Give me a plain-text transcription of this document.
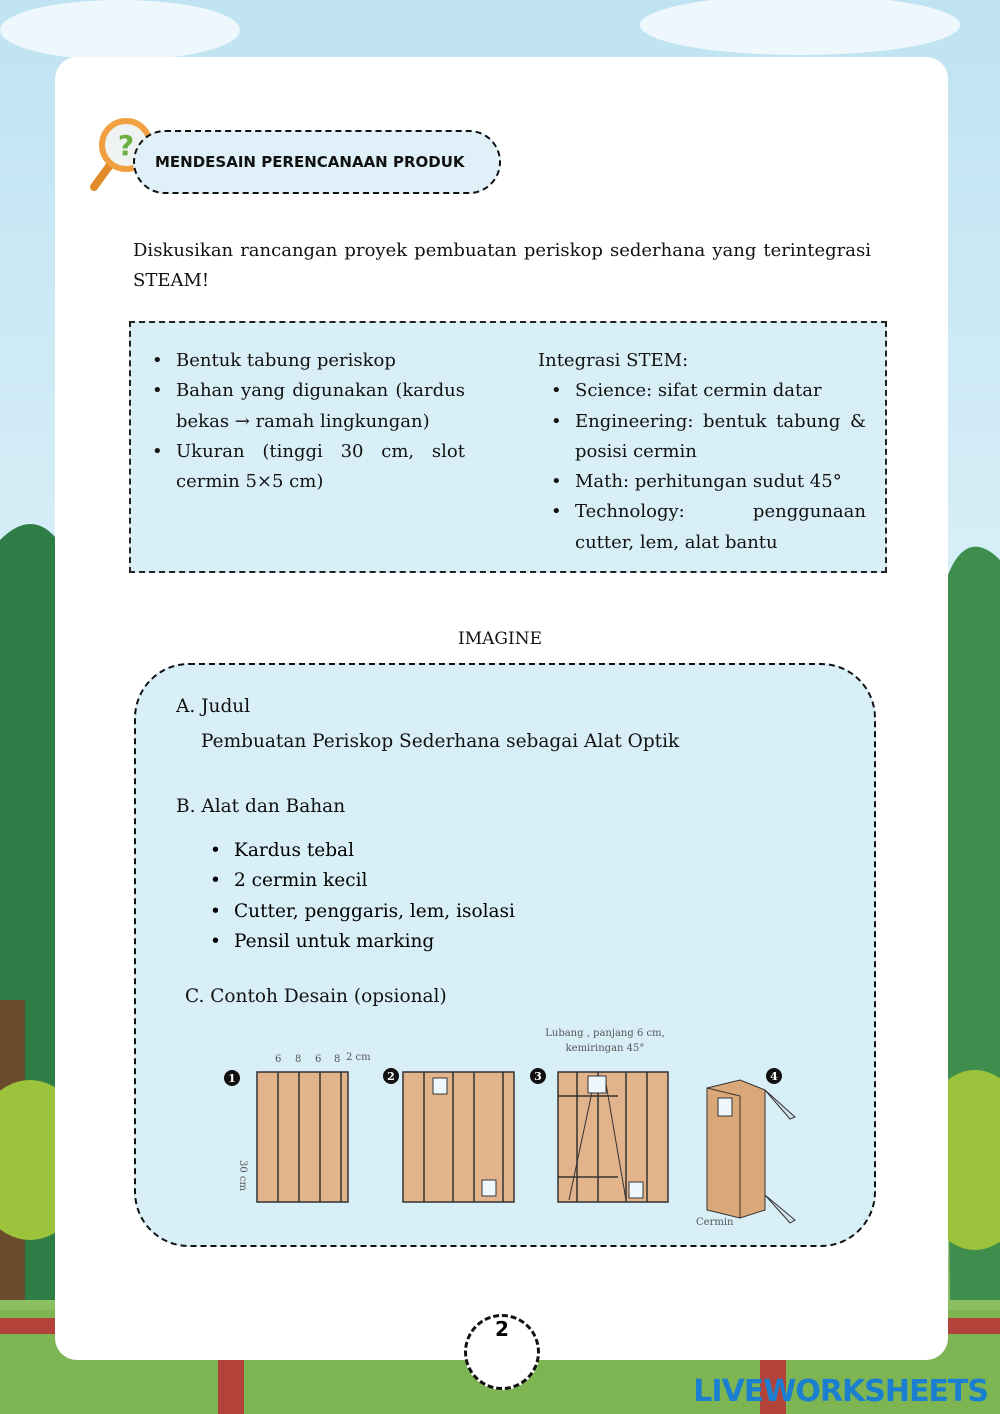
? MENDESAIN PERENCANAAN PRODUK

Diskusikan rancangan proyek pembuatan periskop sederhana yang terintegrasi STEAM!

• Bentuk tabung periskop
• Bahan yang digunakan (kardus bekas → ramah lingkungan)
• Ukuran (tinggi 30 cm, slot cermin 5×5 cm)
Integrasi STEM:
• Science: sifat cermin datar
• Engineering: bentuk tabung & posisi cermin
• Math: perhitungan sudut 45°
• Technology: penggunaan cutter, lem, alat bantu
IMAGINE
A. Judul
Pembuatan Periskop Sederhana sebagai Alat Optik
B. Alat dan Bahan
• Kardus tebal
• 2 cermin kecil
• Cutter, penggaris, lem, isolasi
• Pensil untuk marking
C. Contoh Desain (opsional)
1
6 8 6 8 2 cm
30 cm
2	3
Lubang , panjang 6 cm,
kemiringan 45°
4
Cermin
2
LIVEWORKSHEETS
